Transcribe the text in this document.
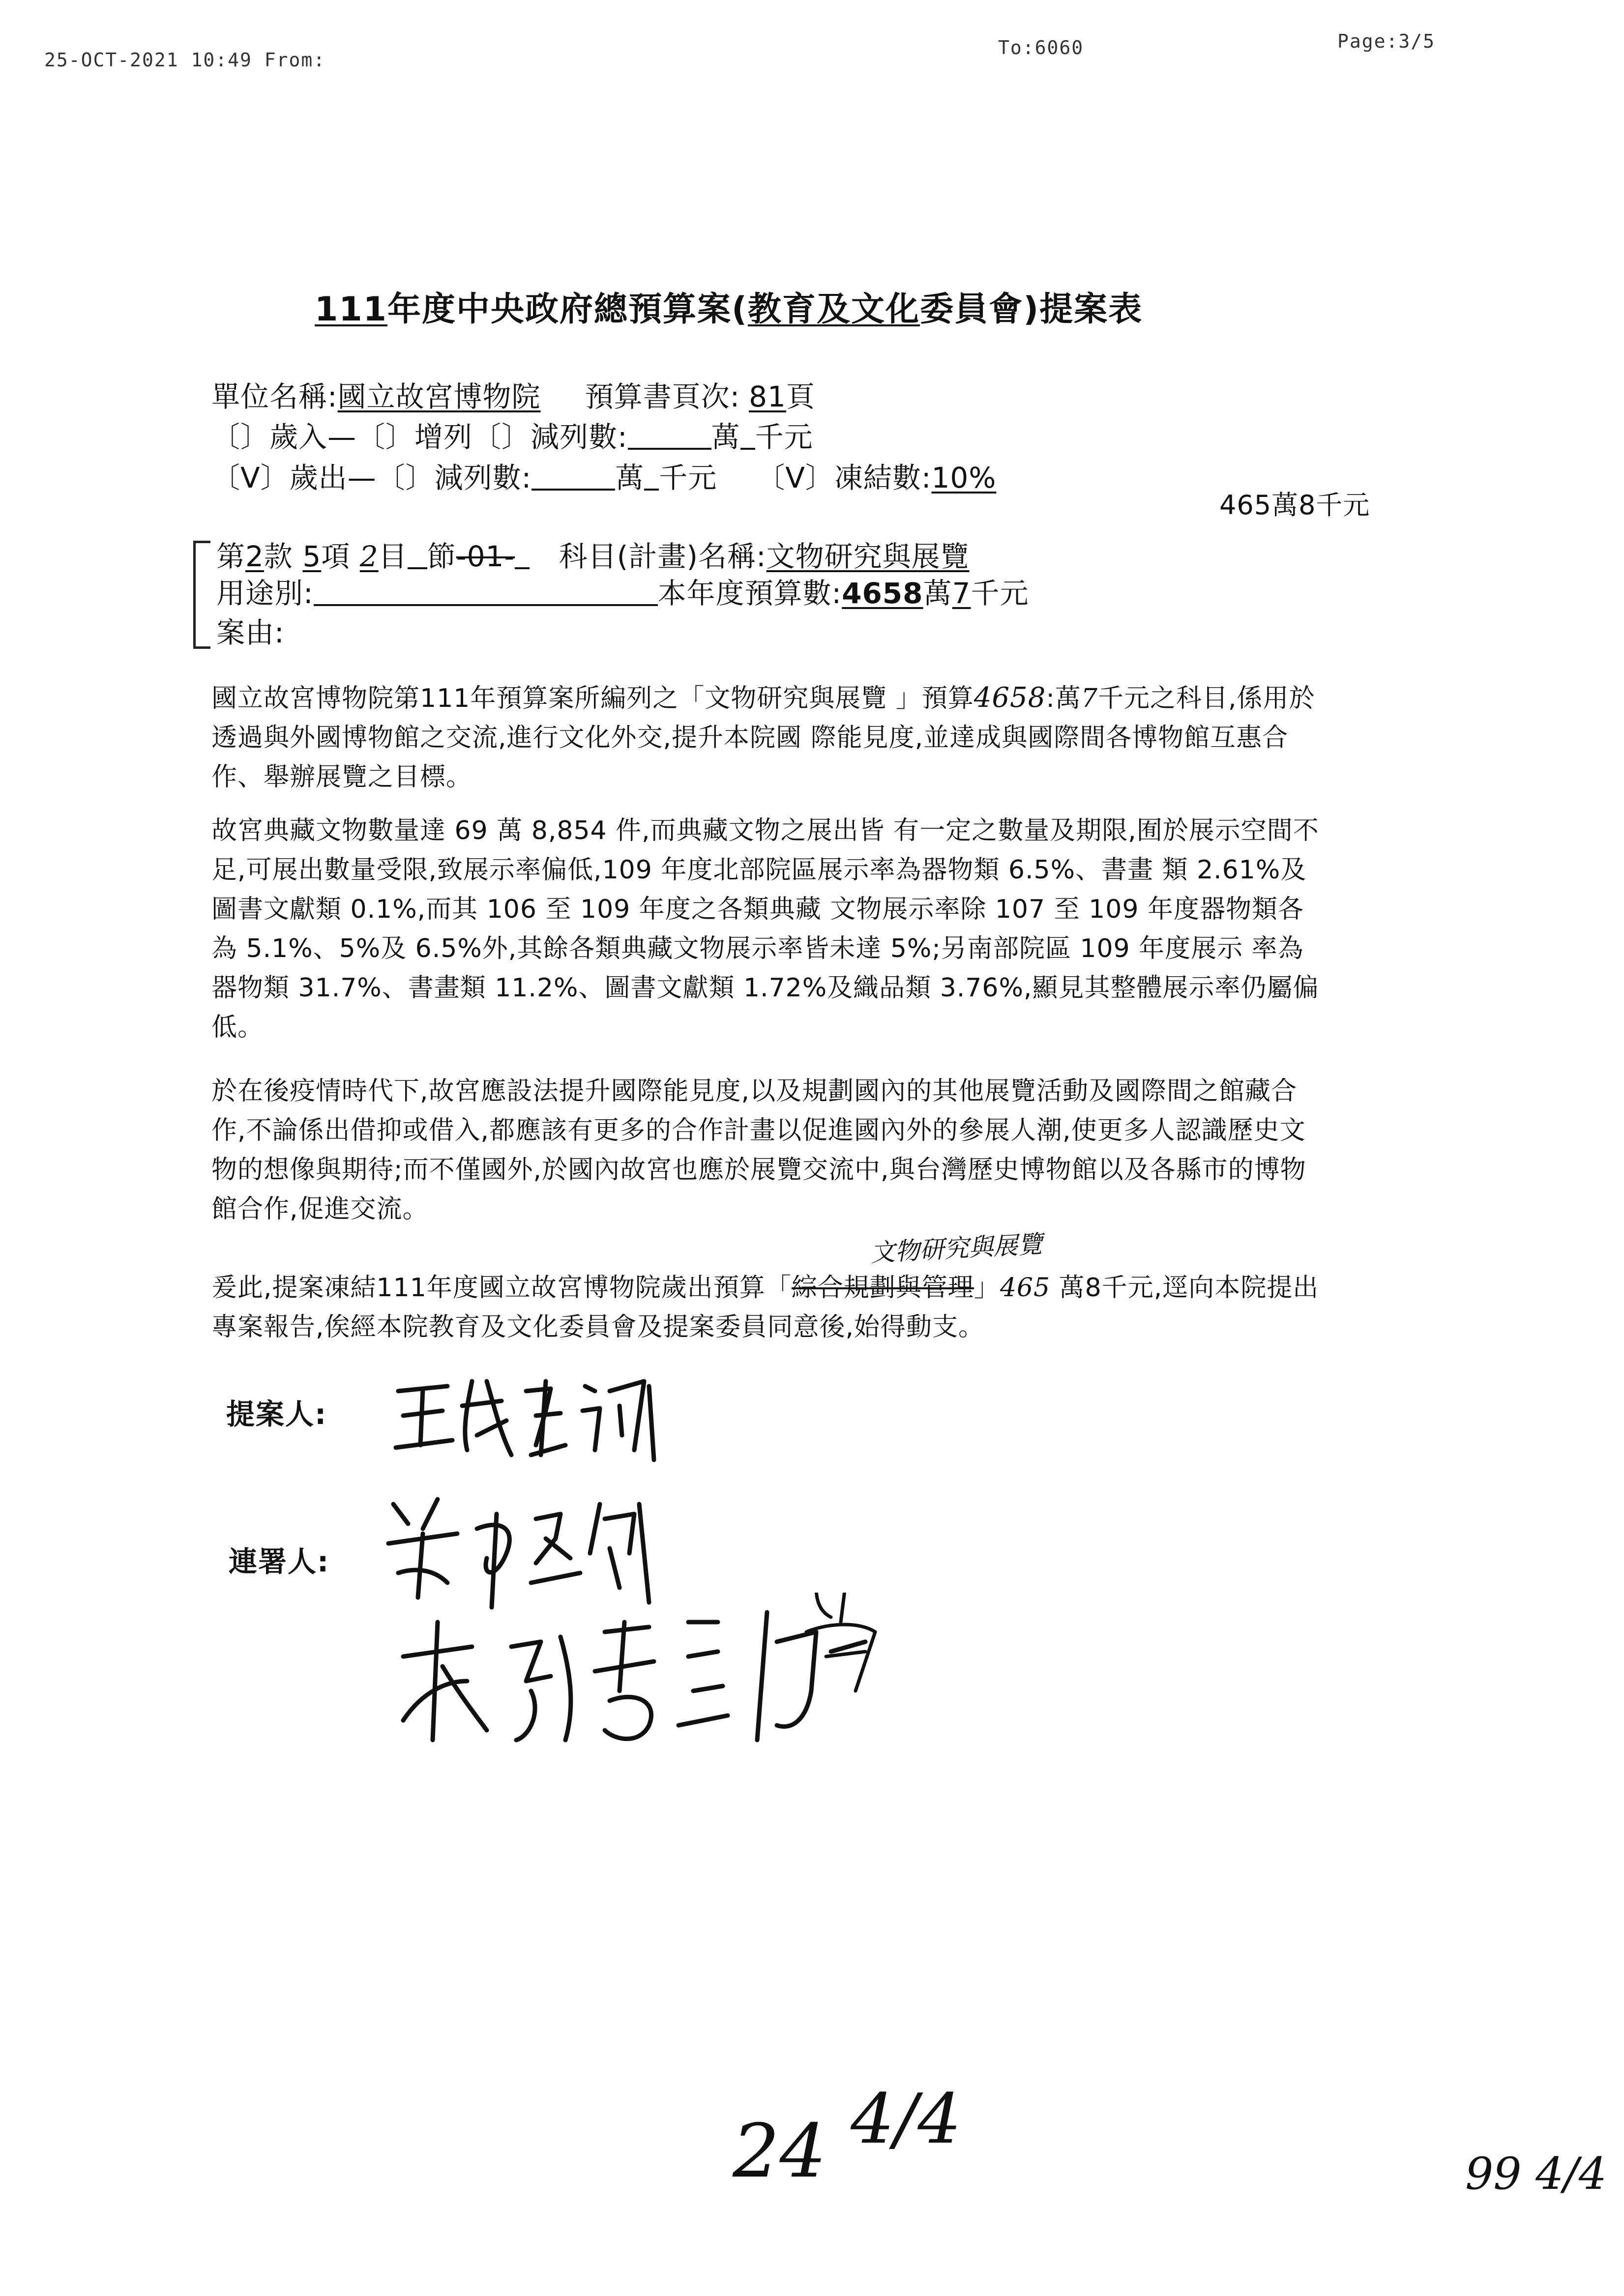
25-OCT-2021 10:49 From:
To:6060	Page:3/5
111年度中央政府總預算案(教育及文化委員會)提案表
單位名稱:國立故宮博物院 預算書頁次: 81頁
〔〕歲入—〔〕增列〔〕減列數:	萬 千元
〔V〕歲出—〔〕減列數:	萬 千元 〔V〕凍結數:10%
465萬8千元
第2款 5項 2目 節-01- 科目(計畫)名稱:文物研究與展覽
用途別:	本年度預算數:4658萬7千元
案由:
國立故宮博物院第111年預算案所編列之「文物研究與展覽 」預算4658:萬7千元之科目,係用於透過與外國博物館之交流,進行文化外交,提升本院國 際能見度,並達成與國際間各博物館互惠合作、舉辦展覽之目標。
故宮典藏文物數量達 69 萬 8,854 件,而典藏文物之展出皆 有一定之數量及期限,囿於展示空間不足,可展出數量受限,致展示率偏低,109 年度北部院區展示率為器物類 6.5%、書畫 類 2.61%及圖書文獻類 0.1%,而其 106 至 109 年度之各類典藏 文物展示率除 107 至 109 年度器物類各為 5.1%、5%及 6.5%外,其餘各類典藏文物展示率皆未達 5%;另南部院區 109 年度展示 率為器物類 31.7%、書畫類 11.2%、圖書文獻類 1.72%及織品類 3.76%,顯見其整體展示率仍屬偏低。
於在後疫情時代下,故宮應設法提升國際能見度,以及規劃國內的其他展覽活動及國際間之館藏合作,不論係出借抑或借入,都應該有更多的合作計畫以促進國內外的參展人潮,使更多人認識歷史文物的想像與期待;而不僅國外,於國內故宮也應於展覽交流中,與台灣歷史博物館以及各縣市的博物館合作,促進交流。
文物研究與展覽
爰此,提案凍結111年度國立故宮博物院歲出預算「綜合規劃與管理」465 萬8千元,逕向本院提出專案報告,俟經本院教育及文化委員會及提案委員同意後,始得動支。
提案人:
連署人:
24 4/4
99 4/4
